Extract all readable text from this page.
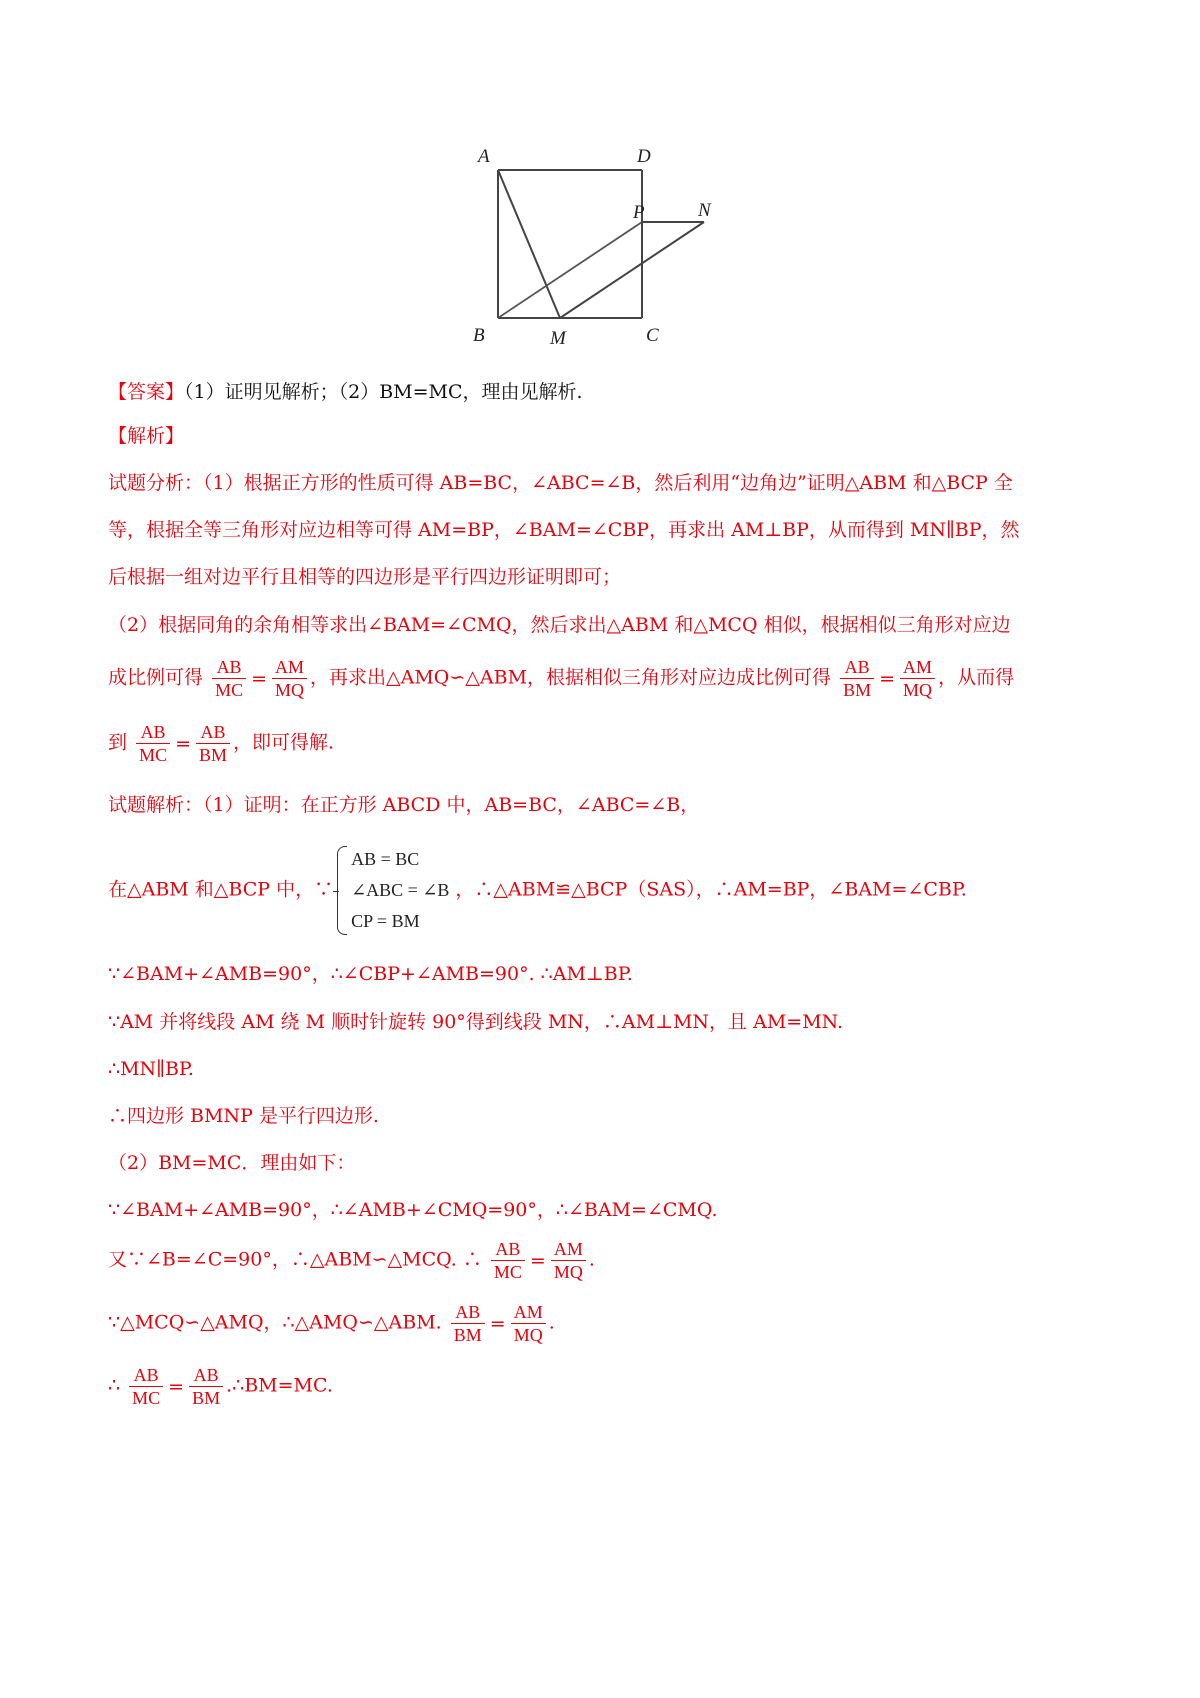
A	D
P	N
B	M	C
【答案】（1）证明见解析；（2）BM=MC，理由见解析.
【解析】
试题分析：（1）根据正方形的性质可得 AB=BC，∠ABC=∠B，然后利用“边角边”证明△ABM 和△BCP 全
等，根据全等三角形对应边相等可得 AM=BP，∠BAM=∠CBP，再求出 AM⊥BP，从而得到 MN∥BP，然
后根据一组对边平行且相等的四边形是平行四边形证明即可；
（2）根据同角的余角相等求出∠BAM=∠CMQ，然后求出△ABM 和△MCQ 相似，根据相似三角形对应边
成比例可得 $\frac{AB}{MC} = \frac{AM}{MQ}$ ，再求出△AMQ∽△ABM，根据相似三角形对应边成比例可得 $\frac{AB}{BM} = \frac{AM}{MQ}$ ，从而得
到 $\frac{AB}{MC} = \frac{AB}{BM}$ ，即可得解.
试题解析：（1）证明：在正方形 ABCD 中，AB=BC，∠ABC=∠B，
在△ABM 和△BCP 中，∵
AB = BC
∠ABC = ∠B
CP = BM
，∴△ABM≌△BCP（SAS），∴AM=BP，∠BAM=∠CBP.
∵∠BAM+∠AMB=90°，∴∠CBP+∠AMB=90°. ∴AM⊥BP.
∵AM 并将线段 AM 绕 M 顺时针旋转 90°得到线段 MN，∴AM⊥MN，且 AM=MN.
∴MN∥BP.
∴四边形 BMNP 是平行四边形.
（2）BM=MC．理由如下：
∵∠BAM+∠AMB=90°，∴∠AMB+∠CMQ=90°，∴∠BAM=∠CMQ.
又∵∠B=∠C=90°，∴△ABM∽△MCQ. ∴ $\frac{AB}{MC} = \frac{AM}{MQ}$ .
∵△MCQ∽△AMQ，∴△AMQ∽△ABM. $\frac{AB}{BM} = \frac{AM}{MQ}$ .
∴ $\frac{AB}{MC} = \frac{AB}{BM}$ .∴BM=MC.
